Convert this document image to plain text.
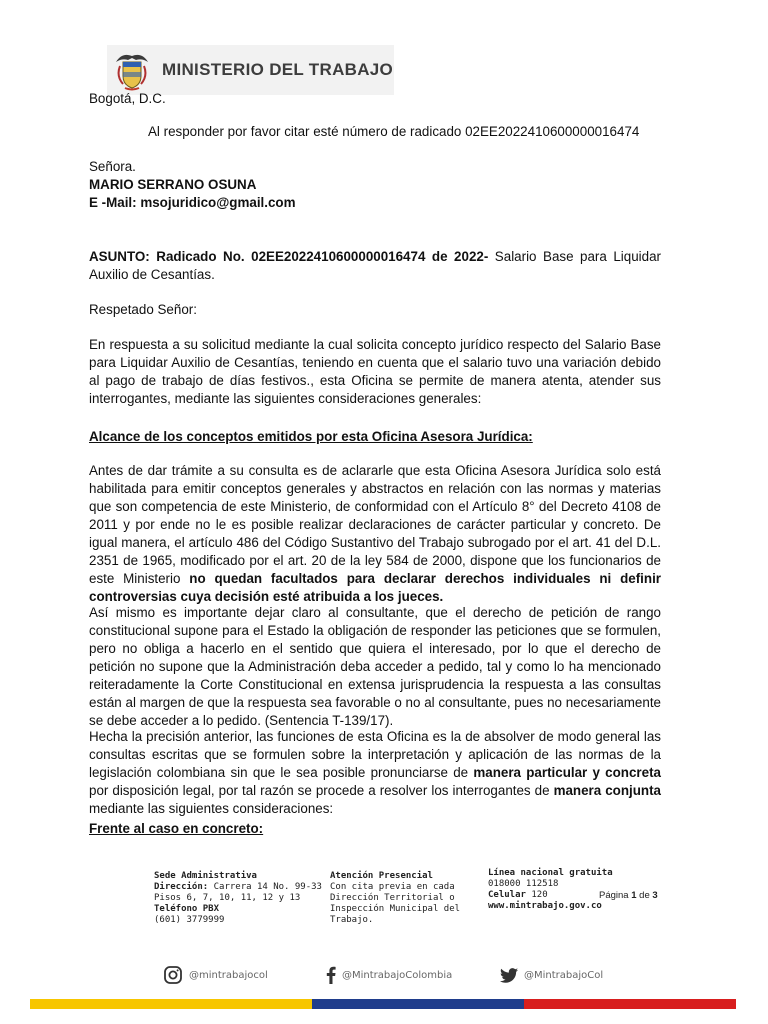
MINISTERIO DEL TRABAJO
Bogotá, D.C.
Al responder por favor citar esté número de radicado 02EE2022410600000016474
Señora.
MARIO SERRANO OSUNA
E -Mail: msojuridico@gmail.com
ASUNTO: Radicado No. 02EE2022410600000016474 de 2022- Salario Base para Liquidar Auxilio de Cesantías.
Respetado Señor:
En respuesta a su solicitud mediante la cual solicita concepto jurídico respecto del Salario Base para Liquidar Auxilio de Cesantías, teniendo en cuenta que el salario tuvo una variación debido al pago de trabajo de días festivos., esta Oficina se permite de manera atenta, atender sus interrogantes, mediante las siguientes consideraciones generales:
Alcance de los conceptos emitidos por esta Oficina Asesora Jurídica:
Antes de dar trámite a su consulta es de aclararle que esta Oficina Asesora Jurídica solo está habilitada para emitir conceptos generales y abstractos en relación con las normas y materias que son competencia de este Ministerio, de conformidad con el Artículo 8° del Decreto 4108 de 2011 y por ende no le es posible realizar declaraciones de carácter particular y concreto. De igual manera, el artículo 486 del Código Sustantivo del Trabajo subrogado por el art. 41 del D.L. 2351 de 1965, modificado por el art. 20 de la ley 584 de 2000, dispone que los funcionarios de este Ministerio no quedan facultados para declarar derechos individuales ni definir controversias cuya decisión esté atribuida a los jueces.
Así mismo es importante dejar claro al consultante, que el derecho de petición de rango constitucional supone para el Estado la obligación de responder las peticiones que se formulen, pero no obliga a hacerlo en el sentido que quiera el interesado, por lo que el derecho de petición no supone que la Administración deba acceder a pedido, tal y como lo ha mencionado reiteradamente la Corte Constitucional en extensa jurisprudencia la respuesta a las consultas están al margen de que la respuesta sea favorable o no al consultante, pues no necesariamente se debe acceder a lo pedido. (Sentencia T-139/17).
Hecha la precisión anterior, las funciones de esta Oficina es la de absolver de modo general las consultas escritas que se formulen sobre la interpretación y aplicación de las normas de la legislación colombiana sin que le sea posible pronunciarse de manera particular y concreta por disposición legal, por tal razón se procede a resolver los interrogantes de manera conjunta mediante las siguientes consideraciones:
Frente al caso en concreto:
Sede Administrativa
Dirección: Carrera 14 No. 99-33
Pisos 6, 7, 10, 11, 12 y 13
Teléfono PBX
(601) 3779999
Atención Presencial
Con cita previa en cada
Dirección Territorial o
Inspección Municipal del
Trabajo.
Línea nacional gratuita
018000 112518
Celular 120
www.mintrabajo.gov.co
Página 1 de 3
@mintrabajocol	@MintrabajoColombia	@MintrabajoCol
